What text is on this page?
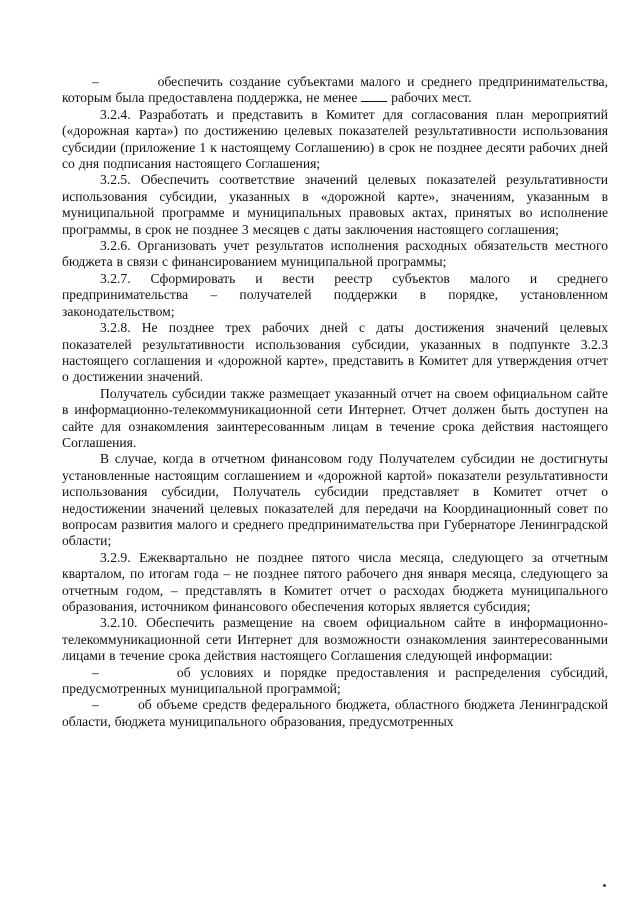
–         обеспечить создание субъектами малого и среднего предпринимательства, которым была предоставлена поддержка, не менее  рабочих мест.

3.2.4. Разработать и представить в Комитет для согласования план мероприятий («дорожная карта») по достижению целевых показателей результативности использования субсидии (приложение 1 к настоящему Соглашению) в срок не позднее десяти рабочих дней со дня подписания настоящего Соглашения;

3.2.5. Обеспечить соответствие значений целевых показателей результативности использования субсидии, указанных в «дорожной карте», значениям, указанным в муниципальной программе и муниципальных правовых актах, принятых во исполнение программы, в срок не позднее 3 месяцев с даты заключения настоящего соглашения;

3.2.6. Организовать учет результатов исполнения расходных обязательств местного бюджета в связи с финансированием муниципальной программы;

3.2.7. Сформировать и вести реестр субъектов малого и среднего предпринимательства – получателей поддержки в порядке, установленном законодательством;

3.2.8. Не позднее трех рабочих дней с даты достижения значений целевых показателей результативности использования субсидии, указанных в подпункте 3.2.3 настоящего соглашения и «дорожной карте», представить в Комитет для утверждения отчет о достижении значений.

Получатель субсидии также размещает указанный отчет на своем официальном сайте в информационно-телекоммуникационной сети Интернет. Отчет должен быть доступен на сайте для ознакомления заинтересованным лицам в течение срока действия настоящего Соглашения.

В случае, когда в отчетном финансовом году Получателем субсидии не достигнуты установленные настоящим соглашением и «дорожной картой» показатели результативности использования субсидии, Получатель субсидии представляет в Комитет отчет о недостижении значений целевых показателей для передачи на Координационный совет по вопросам развития малого и среднего предпринимательства при Губернаторе Ленинградской области;

3.2.9. Ежеквартально не позднее пятого числа месяца, следующего за отчетным кварталом, по итогам года – не позднее пятого рабочего дня января месяца, следующего за отчетным годом, – представлять в Комитет отчет о расходах бюджета муниципального образования, источником финансового обеспечения которых является субсидия;

3.2.10. Обеспечить размещение на своем официальном сайте в информационно-телекоммуникационной сети Интернет для возможности ознакомления заинтересованными лицами в течение срока действия настоящего Соглашения следующей информации:

–        об условиях и порядке предоставления и распределения субсидий, предусмотренных муниципальной программой;

–        об объеме средств федерального бюджета, областного бюджета Ленинградской области, бюджета муниципального образования, предусмотренных
